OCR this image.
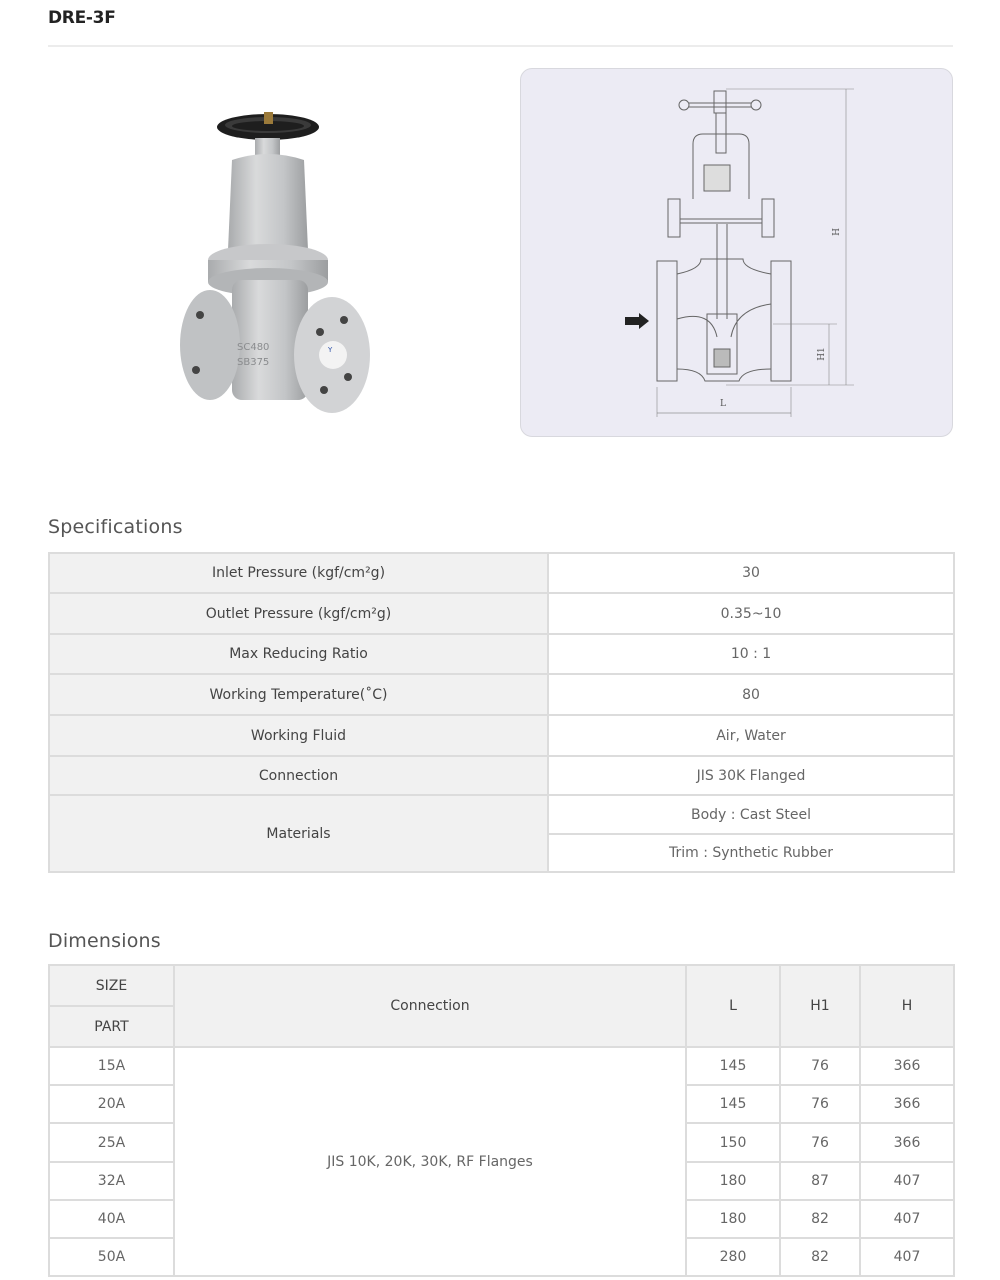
DRE-3F
Y
SC480
SB375
H
H1
L
Specifications
Inlet Pressure (kgf/cm²g)	30
Outlet Pressure (kgf/cm²g)	0.35~10
Max Reducing Ratio	10 : 1
Working Temperature(˚C)	80
Working Fluid	Air, Water
Connection	JIS 30K Flanged
Materials	Body : Cast Steel
	Trim : Synthetic Rubber
Dimensions
SIZE	Connection	L	H1	H
PART				
15A	JIS 10K, 20K, 30K, RF Flanges	145	76	366
20A		145	76	366
25A		150	76	366
32A		180	87	407
40A		180	82	407
50A		280	82	407
